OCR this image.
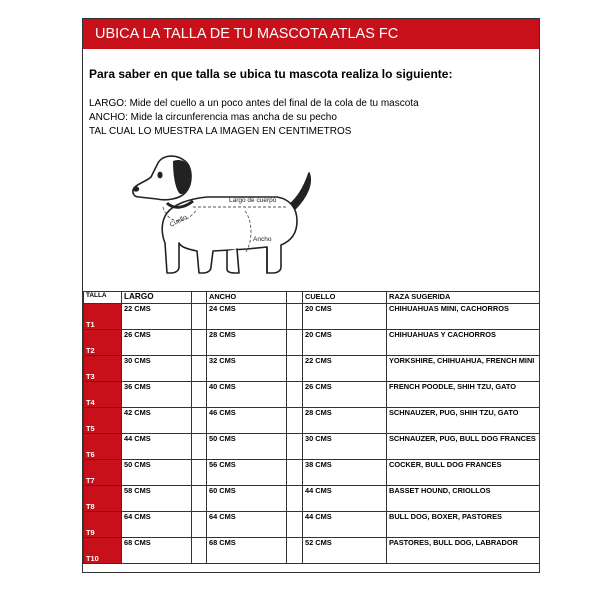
UBICA LA TALLA DE TU MASCOTA ATLAS FC
Para saber en que talla se ubica tu mascota realiza lo siguiente:
LARGO: Mide del cuello a un poco antes del final de la cola de tu mascota
ANCHO: Mide la circunferencia mas ancha de su pecho
TAL CUAL LO MUESTRA LA IMAGEN EN CENTIMETROS
Largo de cuerpo
Cuello
Ancho
TALLA	LARGO		ANCHO		CUELLO	RAZA SUGERIDA
T1	22 CMS		24 CMS		20 CMS	CHIHUAHUAS MINI, CACHORROS
T2	26 CMS		28 CMS		20 CMS	CHIHUAHUAS Y CACHORROS
T3	30 CMS		32 CMS		22 CMS	YORKSHIRE, CHIHUAHUA, FRENCH MINI
T4	36 CMS		40 CMS		26 CMS	FRENCH POODLE, SHIH TZU, GATO
T5	42 CMS		46 CMS		28 CMS	SCHNAUZER, PUG, SHIH TZU, GATO
T6	44 CMS		50 CMS		30 CMS	SCHNAUZER, PUG, BULL DOG FRANCES
T7	50 CMS		56 CMS		38 CMS	COCKER, BULL DOG FRANCES
T8	58 CMS		60 CMS		44 CMS	BASSET HOUND, CRIOLLOS
T9	64 CMS		64 CMS		44 CMS	BULL DOG, BOXER, PASTORES
T10	68 CMS		68 CMS		52 CMS	PASTORES, BULL DOG, LABRADOR
